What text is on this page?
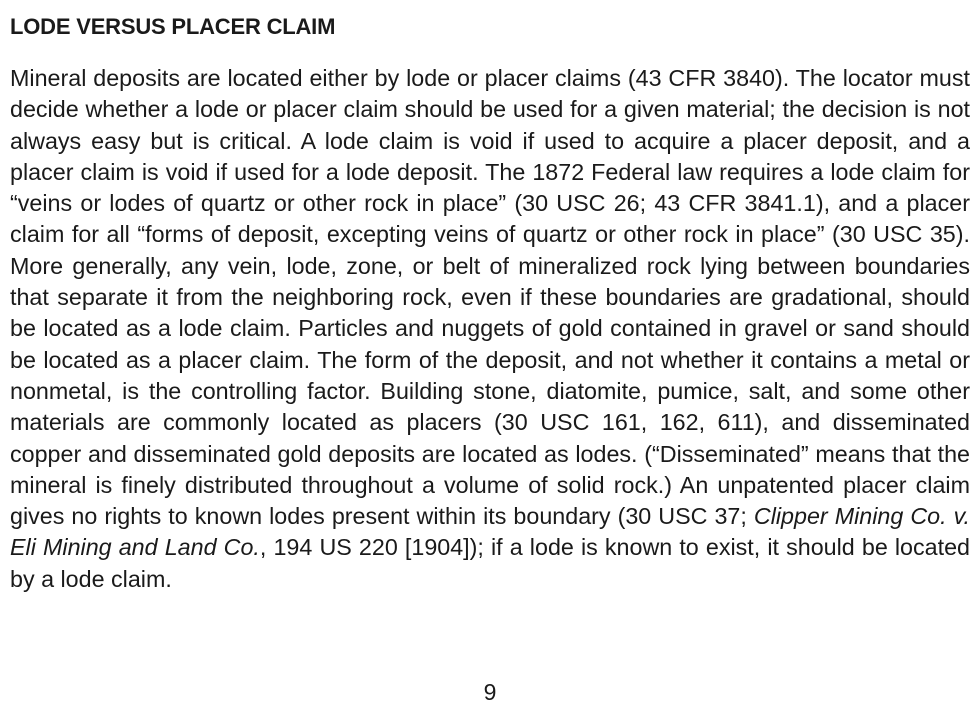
LODE VERSUS PLACER CLAIM

Mineral deposits are located either by lode or placer claims (43 CFR 3840). The locator must decide whether a lode or placer claim should be used for a given material; the decision is not always easy but is critical. A lode claim is void if used to acquire a placer deposit, and a placer claim is void if used for a lode deposit. The 1872 Federal law requires a lode claim for “veins or lodes of quartz or other rock in place” (30 USC 26; 43 CFR 3841.1), and a placer claim for all “forms of deposit, excepting veins of quartz or other rock in place” (30 USC 35). More generally, any vein, lode, zone, or belt of mineralized rock lying between boundaries that separate it from the neighboring rock, even if these boundaries are gradational, should be located as a lode claim. Particles and nuggets of gold contained in gravel or sand should be located as a placer claim. The form of the deposit, and not whether it contains a metal or nonmetal, is the controlling factor. Building stone, diatomite, pumice, salt, and some other materials are commonly located as placers (30 USC 161, 162, 611), and disseminated copper and disseminated gold deposits are located as lodes. (“Disseminated” means that the mineral is finely distributed throughout a volume of solid rock.) An unpatented placer claim gives no rights to known lodes present within its boundary (30 USC 37; Clipper Mining Co. v. Eli Mining and Land Co., 194 US 220 [1904]); if a lode is known to exist, it should be located by a lode claim.

9
